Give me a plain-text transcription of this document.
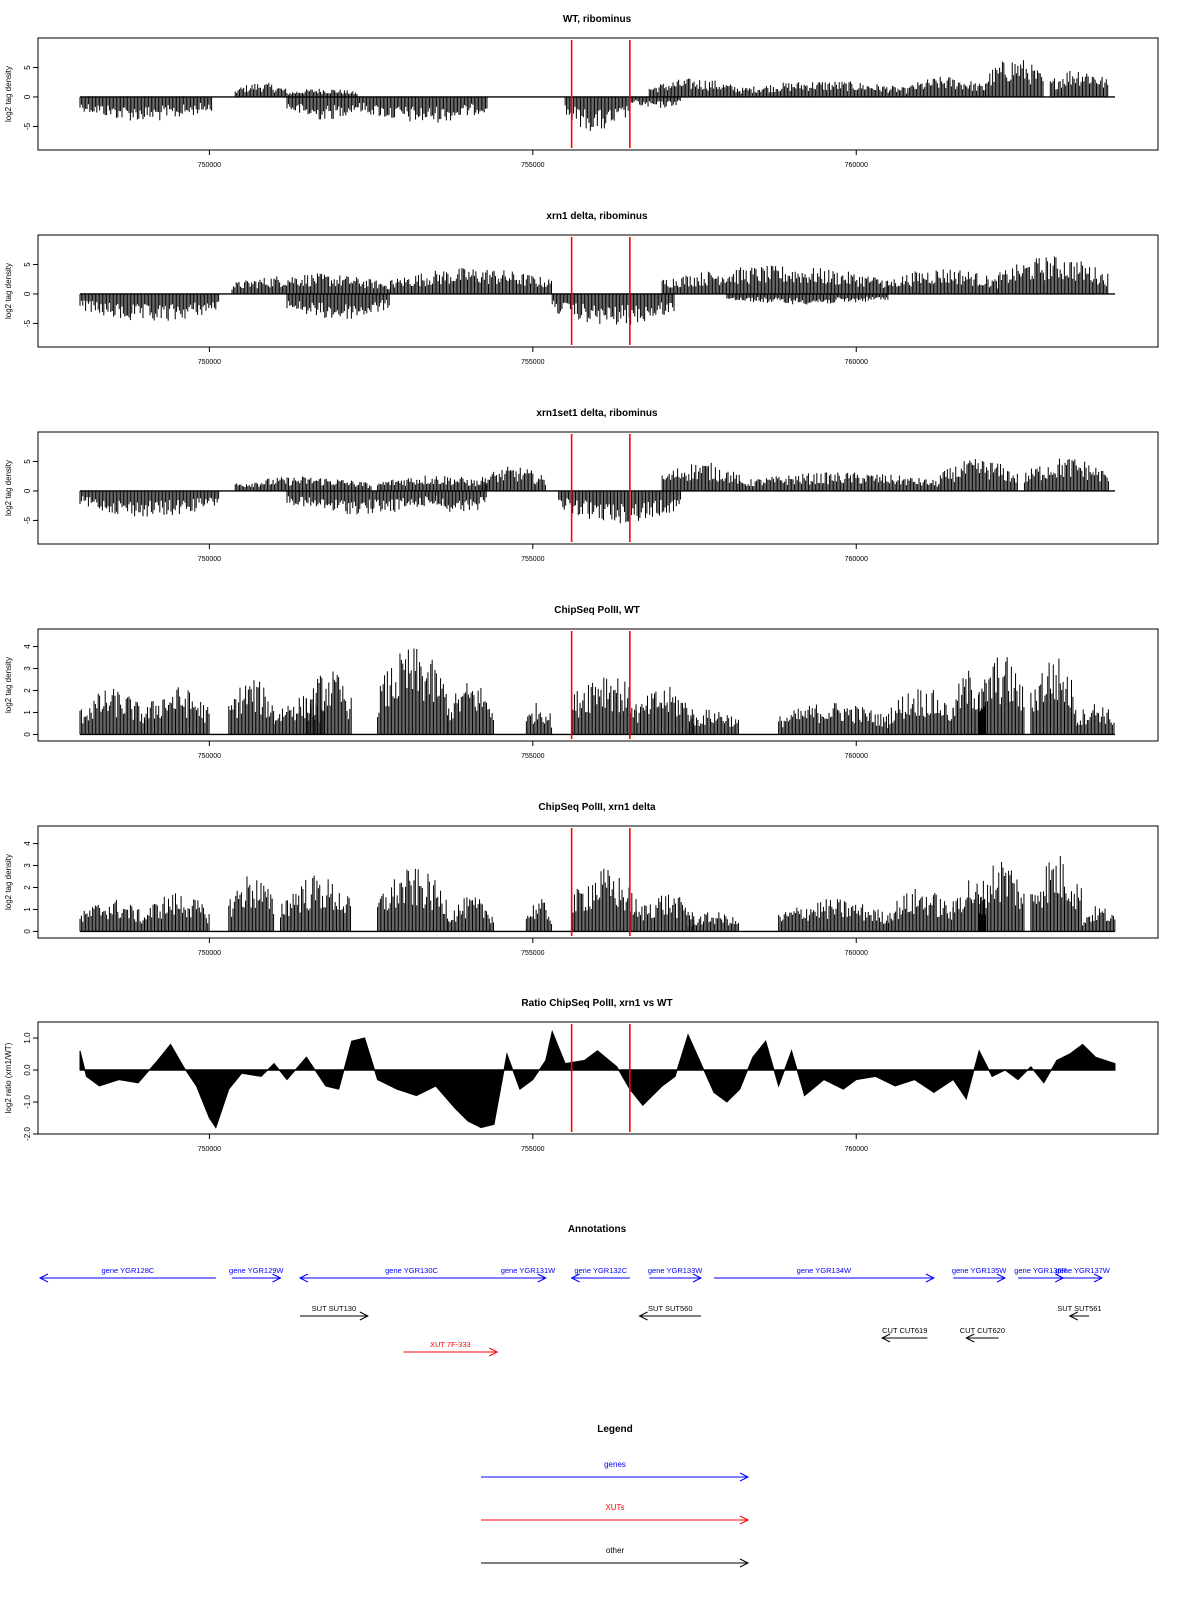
WT, ribominus
log2 tag density
-5
0
5
750000	755000	760000
xrn1 delta, ribominus
log2 tag density
-5
0
5
750000	755000	760000
xrn1set1 delta, ribominus
log2 tag density
-5
0
5
750000	755000	760000
ChipSeq PolII, WT
log2 tag density
0
1
2
3
4
750000	755000	760000
ChipSeq PolII, xrn1 delta
log2 tag density
0
1
2
3
4
750000	755000	760000
Ratio ChipSeq PolII, xrn1 vs WT
log2 ratio (xrn1/WT)
-2.0
-1.0
0.0
1.0
750000	755000	760000
Annotations
gene YGR128C	gene YGR129W	gene YGR130C	gene YGR131W	gene YGR132C	gene YGR133W	gene YGR134W	gene YGR135W gene YGR136R
gene YGR137W
SUT SUT130	SUT SUT560	SUT SUT561
CUT CUT619	CUT CUT620
XUT 7F-333
Legend
genes
XUTs
other
